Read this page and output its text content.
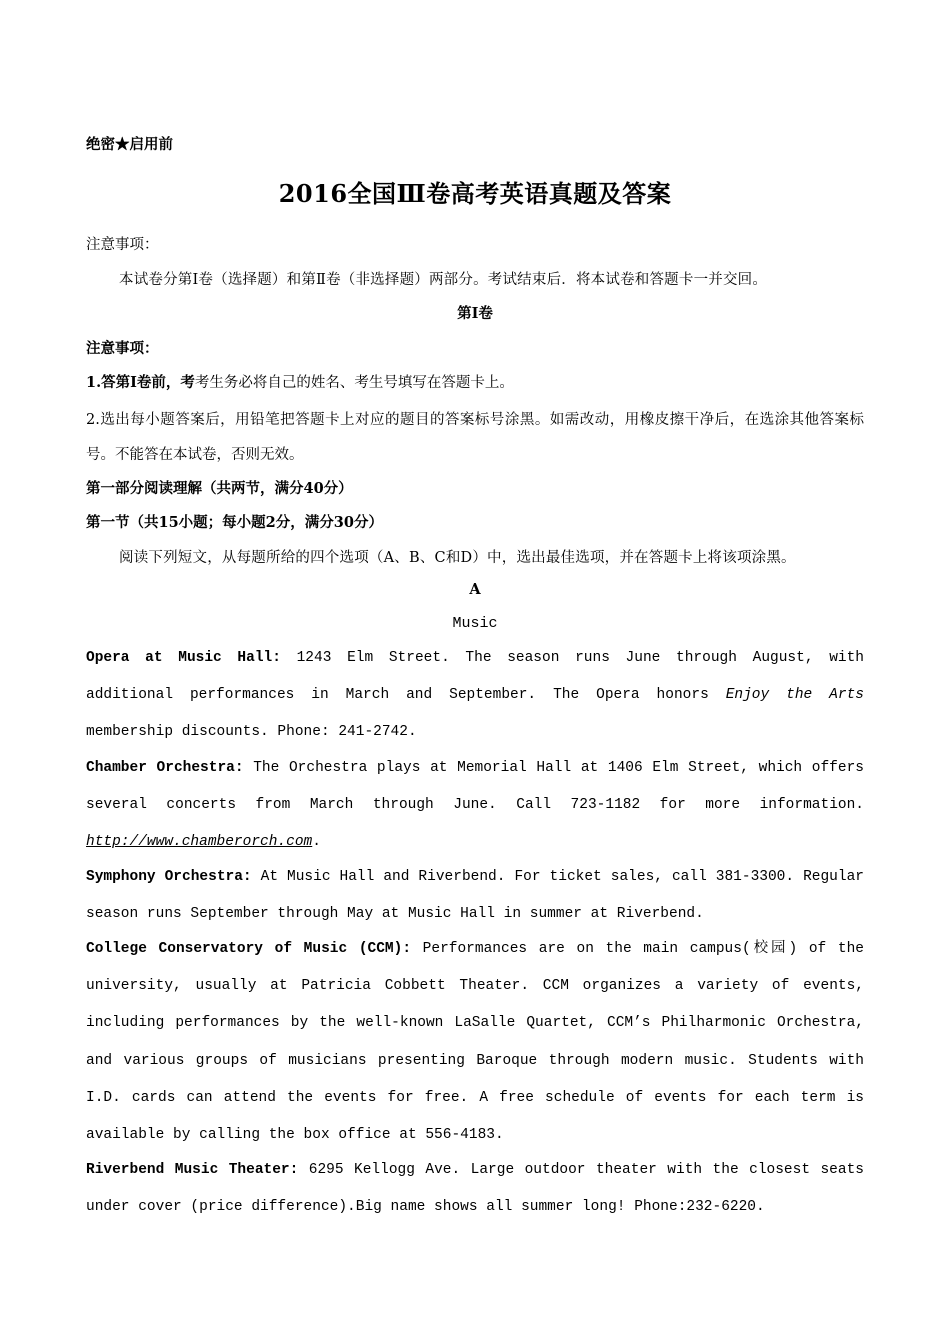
绝密★启用前
2016全国Ⅲ卷高考英语真题及答案
注意事项：
本试卷分第Ⅰ卷（选择题）和第Ⅱ卷（非选择题）两部分。考试结束后．将本试卷和答题卡一并交回。
第Ⅰ卷
注意事项：
1.答第Ⅰ卷前，考考生务必将自己的姓名、考生号填写在答题卡上。
2.选出每小题答案后，用铅笔把答题卡上对应的题目的答案标号涂黑。如需改动，用橡皮擦干净后，在选涂其他答案标号。不能答在本试卷，否则无效。
第一部分阅读理解（共两节，满分40分）
第一节（共15小题；每小题2分，满分30分）
阅读下列短文，从每题所给的四个选项（A、B、C和D）中，选出最佳选项，并在答题卡上将该项涂黑。
A
Music
Opera at Music Hall: 1243 Elm Street. The season runs June through August, with additional performances in March and September. The Opera honors Enjoy the Arts membership discounts. Phone: 241-2742.
Chamber Orchestra: The Orchestra plays at Memorial Hall at 1406 Elm Street, which offers several concerts from March through June. Call 723-1182 for more information. http://www.chamberorch.com.
Symphony Orchestra: At Music Hall and Riverbend. For ticket sales, call 381-3300. Regular season runs September through May at Music Hall in summer at Riverbend.
College Conservatory of Music (CCM): Performances are on the main campus(校园) of the university, usually at Patricia Cobbett Theater. CCM organizes a variety of events, including performances by the well-known LaSalle Quartet, CCM’s Philharmonic Orchestra, and various groups of musicians presenting Baroque through modern music. Students with I.D. cards can attend the events for free. A free schedule of events for each term is available by calling the box office at 556-4183.
Riverbend Music Theater: 6295 Kellogg Ave. Large outdoor theater with the closest seats under cover (price difference).Big name shows all summer long! Phone:232-6220.
